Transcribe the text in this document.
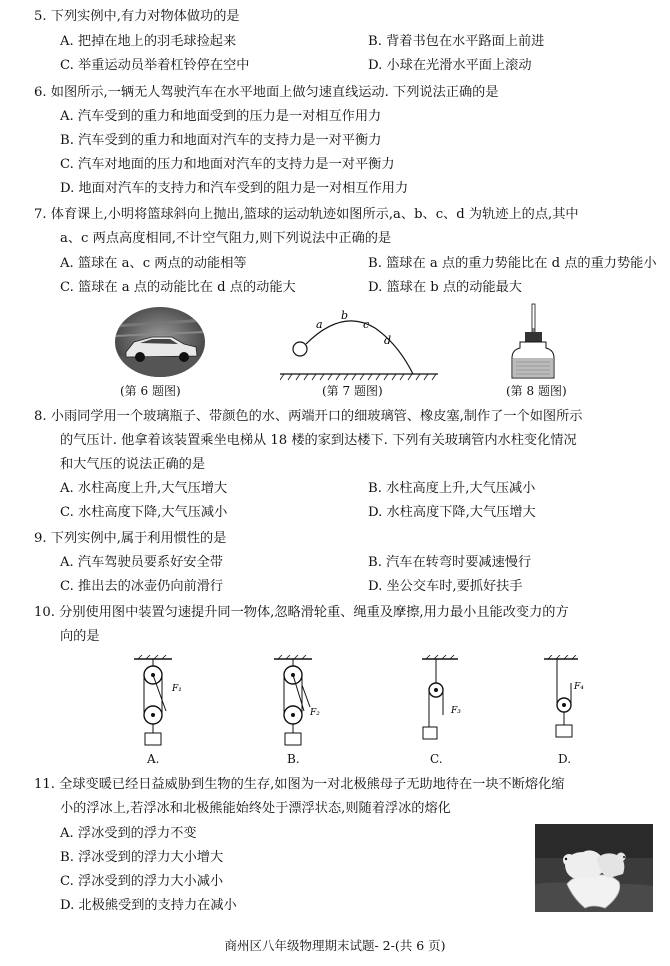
5. 下列实例中,有力对物体做功的是
A. 把掉在地上的羽毛球捡起来	B. 背着书包在水平路面上前进
C. 举重运动员举着杠铃停在空中	D. 小球在光滑水平面上滚动
6. 如图所示,一辆无人驾驶汽车在水平地面上做匀速直线运动. 下列说法正确的是
A. 汽车受到的重力和地面受到的压力是一对相互作用力
B. 汽车受到的重力和地面对汽车的支持力是一对平衡力
C. 汽车对地面的压力和地面对汽车的支持力是一对平衡力
D. 地面对汽车的支持力和汽车受到的阻力是一对相互作用力
7. 体育课上,小明将篮球斜向上抛出,篮球的运动轨迹如图所示,a、b、c、d 为轨迹上的点,其中
a、c 两点高度相同,不计空气阻力,则下列说法中正确的是
A. 篮球在 a、c 两点的动能相等	B. 篮球在 a 点的重力势能比在 d 点的重力势能小
C. 篮球在 a 点的动能比在 d 点的动能大	D. 篮球在 b 点的动能最大
(第 6 题图)
a
b
c
d
(第 7 题图)	(第 8 题图)
8. 小雨同学用一个玻璃瓶子、带颜色的水、两端开口的细玻璃管、橡皮塞,制作了一个如图所示
的气压计. 他拿着该装置乘坐电梯从 18 楼的家到达楼下. 下列有关玻璃管内水柱变化情况
和大气压的说法正确的是
A. 水柱高度上升,大气压增大	B. 水柱高度上升,大气压减小
C. 水柱高度下降,大气压减小	D. 水柱高度下降,大气压增大
9. 下列实例中,属于利用惯性的是
A. 汽车驾驶员要系好安全带	B. 汽车在转弯时要减速慢行
C. 推出去的冰壶仍向前滑行	D. 坐公交车时,要抓好扶手
10. 分别使用图中装置匀速提升同一物体,忽略滑轮重、绳重及摩擦,用力最小且能改变力的方
向的是
F₁
F₂	F₃
F₄
A.	B.	C.	D.
11. 全球变暖已经日益威胁到生物的生存,如图为一对北极熊母子无助地待在一块不断熔化缩
小的浮冰上,若浮冰和北极熊能始终处于漂浮状态,则随着浮冰的熔化
A. 浮冰受到的浮力不变
B. 浮冰受到的浮力大小增大
C. 浮冰受到的浮力大小减小
D. 北极熊受到的支持力在减小
商州区八年级物理期末试题- 2-(共 6 页)
